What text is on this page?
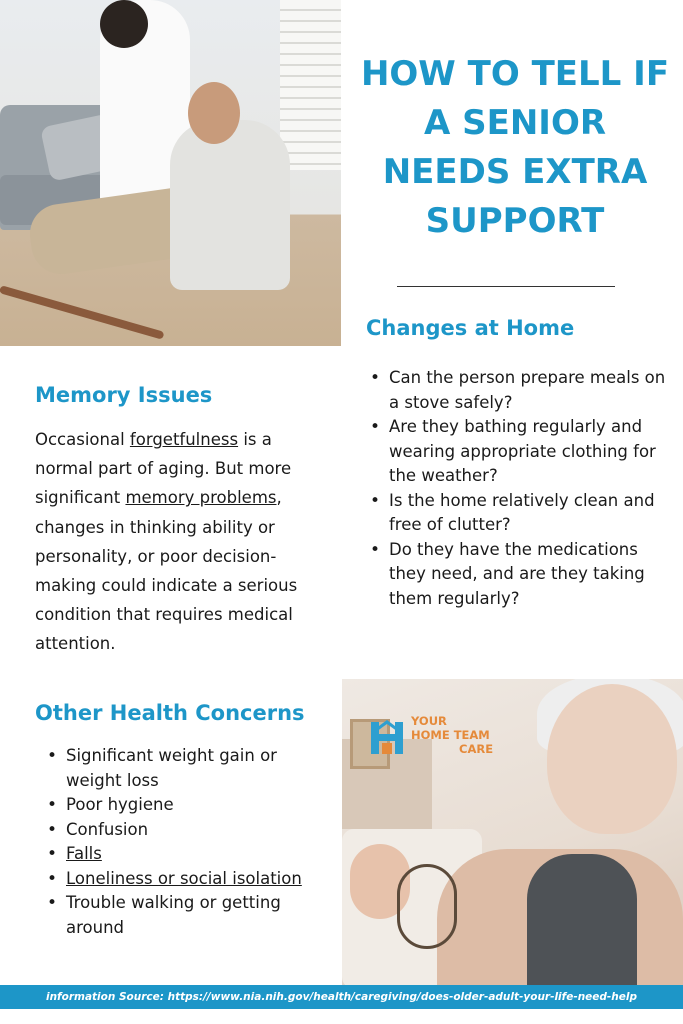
HOW TO TELL IF A SENIOR NEEDS EXTRA SUPPORT
Changes at Home
• Can the person prepare meals on a stove safely?
• Are they bathing regularly and wearing appropriate clothing for the weather?
• Is the home relatively clean and free of clutter?
• Do they have the medications they need, and are they taking them regularly?
Memory Issues

Occasional forgetfulness is a normal part of aging. But more significant memory problems, changes in thinking ability or personality, or poor decision-making could indicate a serious condition that requires medical attention.

Other Health Concerns
• Significant weight gain or weight loss
• Poor hygiene
• Confusion
• Falls
• Loneliness or social isolation
• Trouble walking or getting around
YOUR
HOME TEAM
CARE
information Source: https://www.nia.nih.gov/health/caregiving/does-older-adult-your-life-need-help
